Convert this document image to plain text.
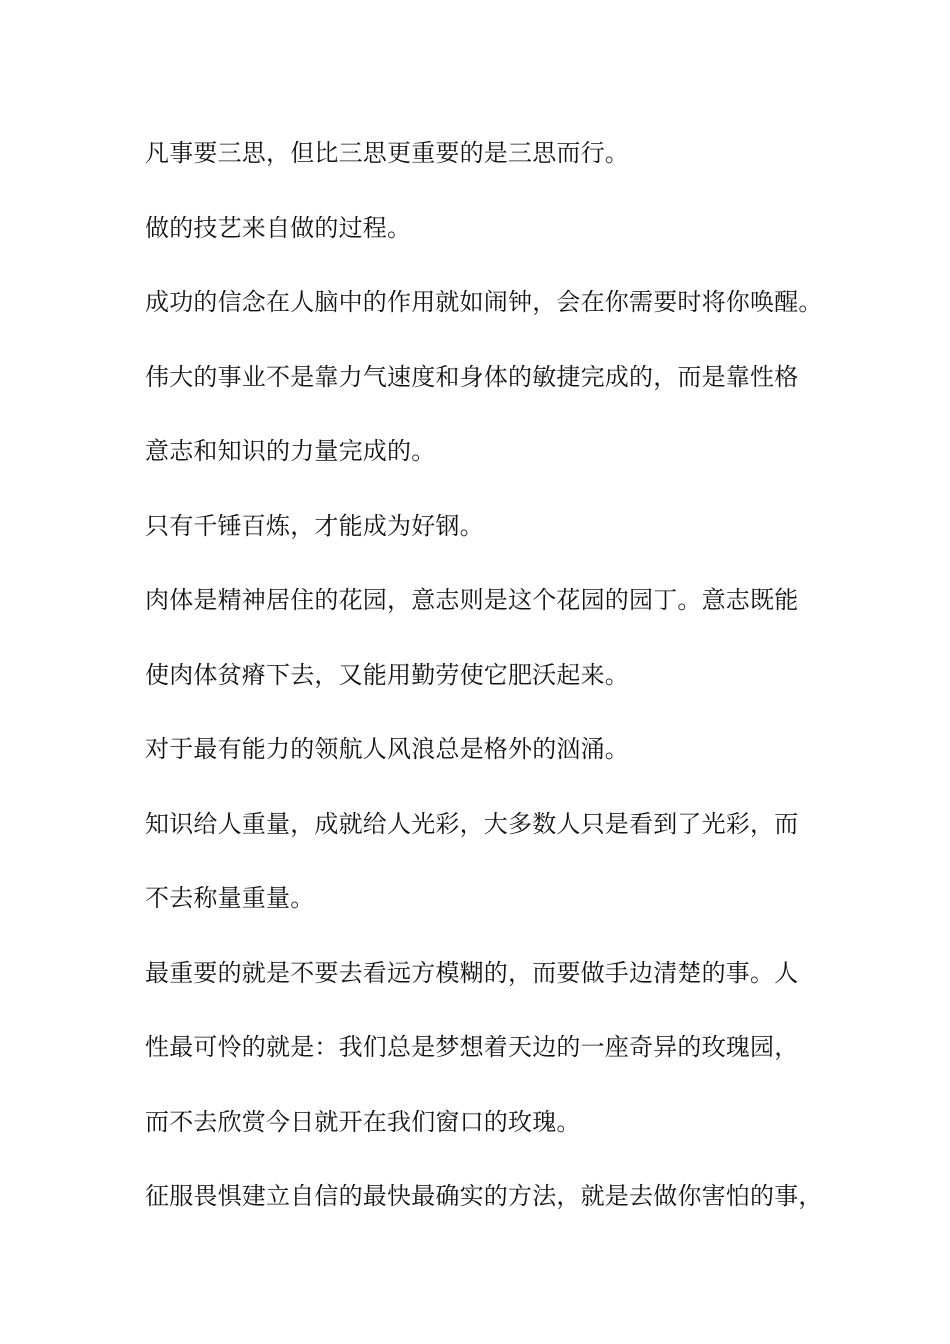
凡事要三思，但比三思更重要的是三思而行。
做的技艺来自做的过程。
成功的信念在人脑中的作用就如闹钟，会在你需要时将你唤醒。
伟大的事业不是靠力气速度和身体的敏捷完成的，而是靠性格
意志和知识的力量完成的。
只有千锤百炼，才能成为好钢。
肉体是精神居住的花园，意志则是这个花园的园丁。意志既能
使肉体贫瘠下去，又能用勤劳使它肥沃起来。
对于最有能力的领航人风浪总是格外的汹涌。
知识给人重量，成就给人光彩，大多数人只是看到了光彩，而
不去称量重量。
最重要的就是不要去看远方模糊的，而要做手边清楚的事。人
性最可怜的就是：我们总是梦想着天边的一座奇异的玫瑰园，
而不去欣赏今日就开在我们窗口的玫瑰。
征服畏惧建立自信的最快最确实的方法，就是去做你害怕的事，
